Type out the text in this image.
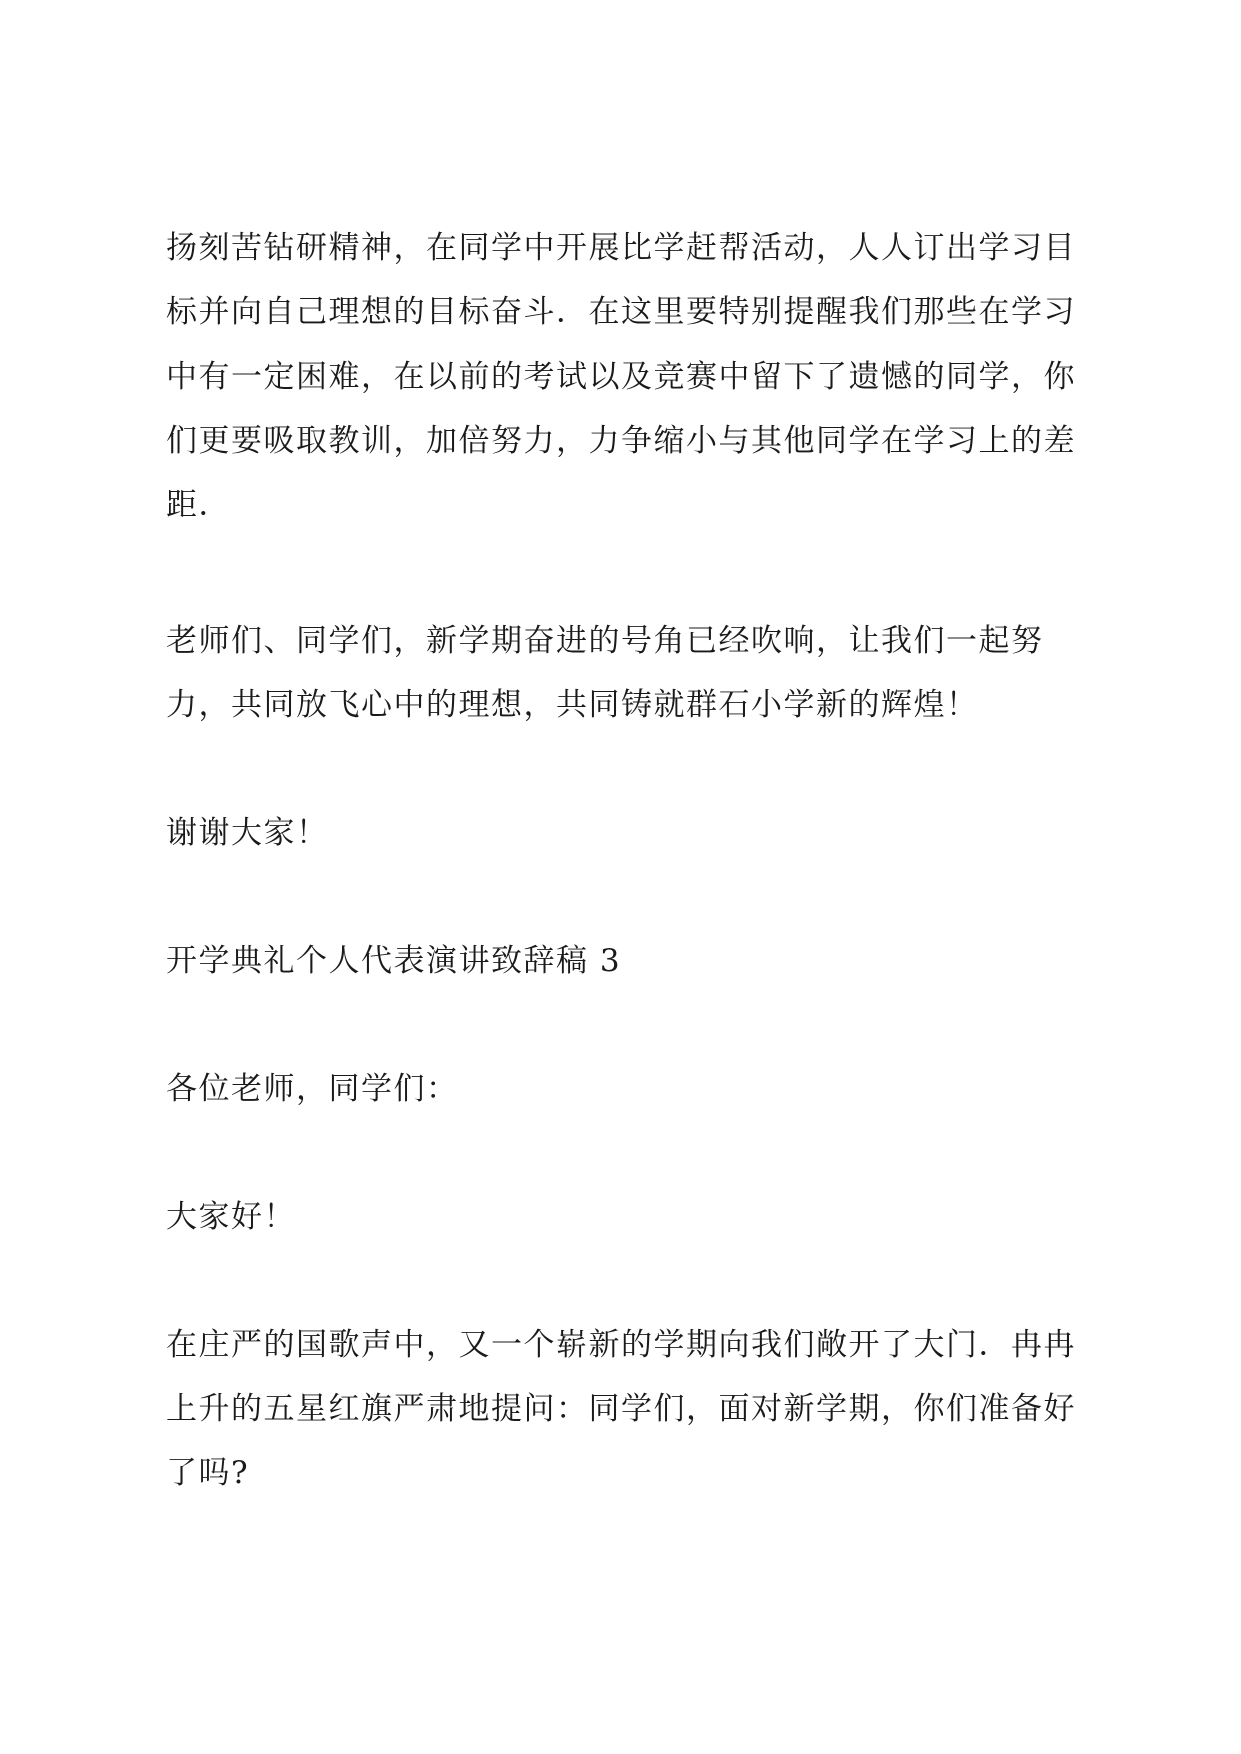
扬刻苦钻研精神，在同学中开展比学赶帮活动，人人订出学习目
标并向自己理想的目标奋斗．在这里要特别提醒我们那些在学习
中有一定困难，在以前的考试以及竞赛中留下了遗憾的同学，你
们更要吸取教训，加倍努力，力争缩小与其他同学在学习上的差
距．
老师们、同学们，新学期奋进的号角已经吹响，让我们一起努
力，共同放飞心中的理想，共同铸就群石小学新的辉煌！
谢谢大家！
开学典礼个人代表演讲致辞稿 3
各位老师，同学们：
大家好！
在庄严的国歌声中，又一个崭新的学期向我们敞开了大门．冉冉
上升的五星红旗严肃地提问：同学们，面对新学期，你们准备好
了吗?
